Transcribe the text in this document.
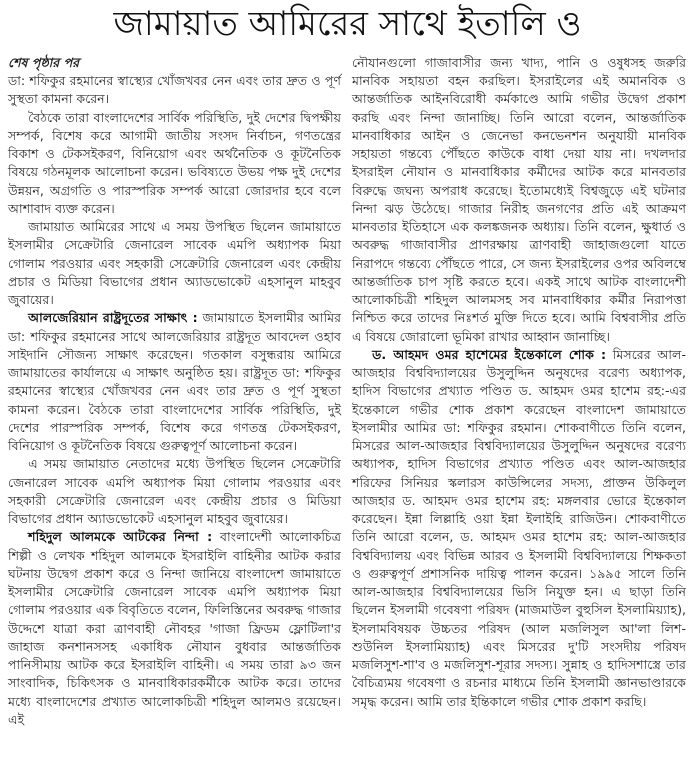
জামায়াত আমিরের সাথে ইতালি ও
শেষ পৃষ্ঠার পর

ডা: শফিকুর রহমানের স্বাস্থ্যের খোঁজখবর নেন এবং তার দ্রুত ও পূর্ণ সুস্থতা কামনা করেন।

বৈঠকে তারা বাংলাদেশের সার্বিক পরিস্থিতি, দুই দেশের দ্বিপক্ষীয় সম্পর্ক, বিশেষ করে আগামী জাতীয় সংসদ নির্বাচন, গণতন্ত্রের বিকাশ ও টেকসইকরণ, বিনিয়োগ এবং অর্থনৈতিক ও কূটনৈতিক বিষয়ে গঠনমূলক আলোচনা করেন। ভবিষ্যতে উভয় পক্ষ দুই দেশের উন্নয়ন, অগ্রগতি ও পারস্পরিক সম্পর্ক আরো জোরদার হবে বলে আশাবাদ ব্যক্ত করেন।

জামায়াত আমিরের সাথে এ সময় উপস্থিত ছিলেন জামায়াতে ইসলামীর সেক্রেটারি জেনারেল সাবেক এমপি অধ্যাপক মিয়া গোলাম পরওয়ার এবং সহকারী সেক্রেটারি জেনারেল এবং কেন্দ্রীয় প্রচার ও মিডিয়া বিভাগের প্রধান অ্যাডভোকেট এহসানুল মাহবুব জুবায়ের।

আলজেরিয়ান রাষ্ট্রদূতের সাক্ষাৎ : জামায়াতে ইসলামীর আমির ডা: শফিকুর রহমানের সাথে আলজেরিয়ার রাষ্ট্রদূত আবদেল ওহাব সাইদানি সৌজন্য সাক্ষাৎ করেছেন। গতকাল বসুন্ধরায় আমিরে জামায়াতের কার্যালয়ে এ সাক্ষাৎ অনুষ্ঠিত হয়। রাষ্ট্রদূত ডা: শফিকুর রহমানের স্বাস্থ্যের খোঁজখবর নেন এবং তার দ্রুত ও পূর্ণ সুস্থতা কামনা করেন। বৈঠকে তারা বাংলাদেশের সার্বিক পরিস্থিতি, দুই দেশের পারস্পরিক সম্পর্ক, বিশেষ করে গণতন্ত্র টেকসইকরণ, বিনিয়োগ ও কূটনৈতিক বিষয়ে গুরুত্বপূর্ণ আলোচনা করেন।

এ সময় জামায়াত নেতাদের মধ্যে উপস্থিত ছিলেন সেক্রেটারি জেনারেল সাবেক এমপি অধ্যাপক মিয়া গোলাম পরওয়ার এবং সহকারী সেক্রেটারি জেনারেল এবং কেন্দ্রীয় প্রচার ও মিডিয়া বিভাগের প্রধান অ্যাডভোকেট এহসানুল মাহবুব জুবায়ের।

শহিদুল আলমকে আটকের নিন্দা : বাংলাদেশী আলোকচিত্র শিল্পী ও লেখক শহিদুল আলমকে ইসরাইলি বাহিনীর আটক করার ঘটনায় উদ্বেগ প্রকাশ করে ও নিন্দা জানিয়ে বাংলাদেশ জামায়াতে ইসলামীর সেক্রেটারি জেনারেল সাবেক এমপি অধ্যাপক মিয়া গোলাম পরওয়ার এক বিবৃতিতে বলেন, ফিলিস্তিনের অবরুদ্ধ গাজার উদ্দেশে যাত্রা করা ত্রাণবাহী নৌবহর 'গাজা ফ্রিডম ফ্লোটিলা'র জাহাজ কনশানসসহ একাধিক নৌযান বুধবার আন্তর্জাতিক পানিসীমায় আটক করে ইসরাইলি বাহিনী। এ সময় তারা ৯৩ জন সাংবাদিক, চিকিৎসক ও মানবাধিকারকর্মীকে আটক করে। তাদের মধ্যে বাংলাদেশের প্রখ্যাত আলোকচিত্রী শহিদুল আলমও রয়েছেন। এই

নৌযানগুলো গাজাবাসীর জন্য খাদ্য, পানি ও ওষুধসহ জরুরি মানবিক সহায়তা বহন করছিল। ইসরাইলের এই অমানবিক ও আন্তর্জাতিক আইনবিরোধী কর্মকাণ্ডে আমি গভীর উদ্বেগ প্রকাশ করছি এবং নিন্দা জানাচ্ছি। তিনি আরো বলেন, আন্তর্জাতিক মানবাধিকার আইন ও জেনেভা কনভেনশন অনুযায়ী মানবিক সহায়তা গন্তব্যে পৌঁছতে কাউকে বাধা দেয়া যায় না। দখলদার ইসরাইল নৌযান ও মানবাধিকার কর্মীদের আটক করে মানবতার বিরুদ্ধে জঘন্য অপরাধ করেছে। ইতোমধ্যেই বিশ্বজুড়ে এই ঘটনার নিন্দা ঝড় উঠেছে। গাজার নিরীহ জনগণের প্রতি এই আক্রমণ মানবতার ইতিহাসে এক কলঙ্কজনক অধ্যায়। তিনি বলেন, ক্ষুধার্ত ও অবরুদ্ধ গাজাবাসীর প্রাণরক্ষায় ত্রাণবাহী জাহাজগুলো যাতে নিরাপদে গন্তব্যে পৌঁছতে পারে, সে জন্য ইসরাইলের ওপর অবিলম্বে আন্তর্জাতিক চাপ সৃষ্টি করতে হবে। একই সাথে আটক বাংলাদেশী আলোকচিত্রী শহিদুল আলমসহ সব মানবাধিকার কর্মীর নিরাপত্তা নিশ্চিত করে তাদের নিঃশর্ত মুক্তি দিতে হবে। আমি বিশ্ববাসীর প্রতি এ বিষয়ে জোরালো ভূমিকা রাখার আহ্বান জানাচ্ছি।

ড. আহমদ ওমর হাশেমের ইন্তেকালে শোক : মিসরের আল-আজহার বিশ্ববিদ্যালয়ের উসুলুদ্দিন অনুষদের বরেণ্য অধ্যাপক, হাদিস বিভাগের প্রখ্যাত পণ্ডিত ড. আহমদ ওমর হাশেম রহ:-এর ইন্তেকালে গভীর শোক প্রকাশ করেছেন বাংলাদেশ জামায়াতে ইসলামীর আমির ডা: শফিকুর রহমান। শোকবাণীতে তিনি বলেন, মিসরের আল-আজহার বিশ্ববিদ্যালয়ের উসুলুদ্দিন অনুষদের বরেণ্য অধ্যাপক, হাদিস বিভাগের প্রখ্যাত পণ্ডিত এবং আল-আজহার শরিফের সিনিয়র স্কলারস কাউন্সিলের সদস্য, প্রাক্তন উকিলুল আজহার ড. আহমদ ওমর হাশেম রহ: মঙ্গলবার ভোরে ইন্তেকাল করেছেন। ইন্না লিল্লাহি ওয়া ইন্না ইলাইহি রাজিউন। শোকবাণীতে তিনি আরো বলেন, ড. আহমদ ওমর হাশেম রহ: আল-আজহার বিশ্ববিদ্যালয় এবং বিভিন্ন আরব ও ইসলামী বিশ্ববিদ্যালয়ে শিক্ষকতা ও গুরুত্বপূর্ণ প্রশাসনিক দায়িত্ব পালন করেন। ১৯৯৫ সালে তিনি আল-আজহার বিশ্ববিদ্যালয়ের ভিসি নিযুক্ত হন। এ ছাড়া তিনি ছিলেন ইসলামী গবেষণা পরিষদ (মাজমাউল বুহুসিল ইসলামিয়্যাহ), ইসলামবিষয়ক উচ্চতর পরিষদ (আল মজলিসুল আ'লা লিশ-শুউনিল ইসলামিয়্যাহ) এবং মিসরের দু'টি সংসদীয় পরিষদ মজলিসুশ-শা'ব ও মজলিসুশ-শূরার সদস্য। সুন্নাহ ও হাদিসশাস্ত্রে তার বৈচিত্র্যময় গবেষণা ও রচনার মাধ্যমে তিনি ইসলামী জ্ঞানভাণ্ডারকে সমৃদ্ধ করেন। আমি তার ইন্তিকালে গভীর শোক প্রকাশ করছি।
